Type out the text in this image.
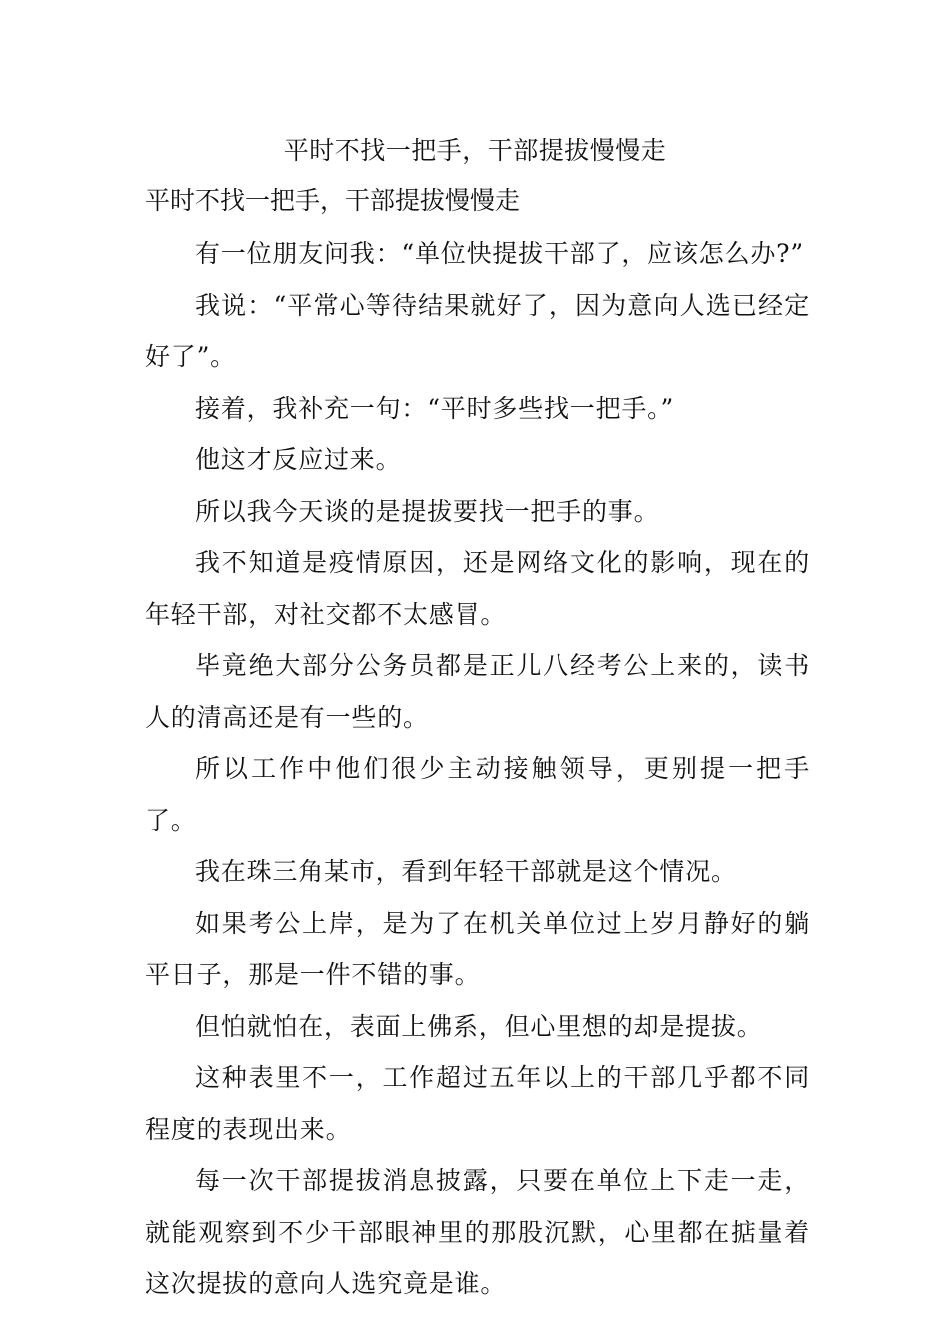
平时不找一把手，干部提拔慢慢走

平时不找一把手，干部提拔慢慢走

有一位朋友问我：“单位快提拔干部了，应该怎么办?”

我说：“平常心等待结果就好了，因为意向人选已经定好了”。

接着，我补充一句：“平时多些找一把手。”

他这才反应过来。

所以我今天谈的是提拔要找一把手的事。

我不知道是疫情原因，还是网络文化的影响，现在的年轻干部，对社交都不太感冒。

毕竟绝大部分公务员都是正儿八经考公上来的，读书人的清高还是有一些的。

所以工作中他们很少主动接触领导，更别提一把手了。

我在珠三角某市，看到年轻干部就是这个情况。

如果考公上岸，是为了在机关单位过上岁月静好的躺平日子，那是一件不错的事。

但怕就怕在，表面上佛系，但心里想的却是提拔。

这种表里不一，工作超过五年以上的干部几乎都不同程度的表现出来。

每一次干部提拔消息披露，只要在单位上下走一走，就能观察到不少干部眼神里的那股沉默，心里都在掂量着这次提拔的意向人选究竟是谁。
